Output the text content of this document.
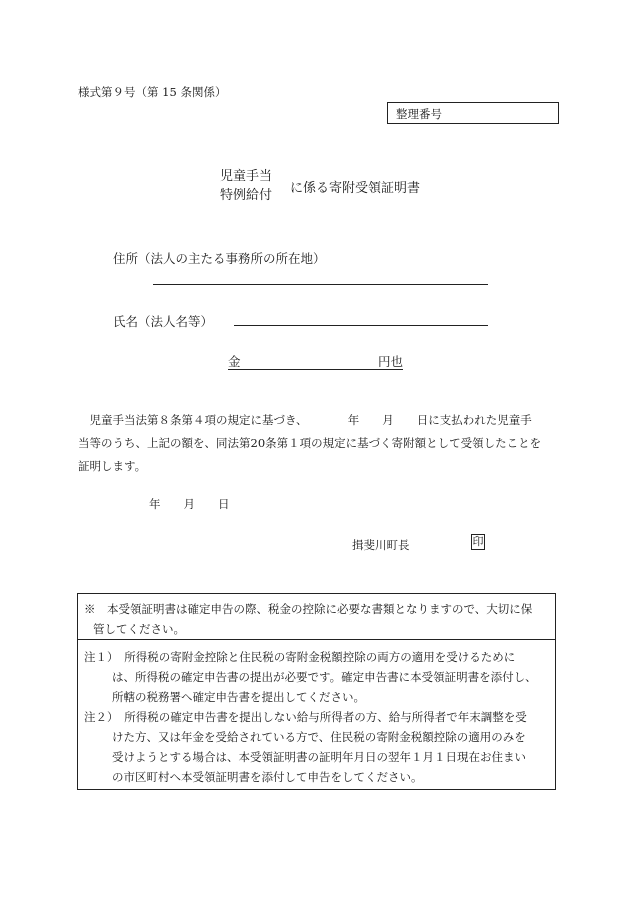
様式第９号（第 15 条関係）
整理番号
児童手当
特例給付 に係る寄附受領証明書
住所（法人の主たる事務所の所在地）
氏名（法人名等）
金	円也
　児童手当法第８条第４項の規定に基づき、　　　　年　　月　　日に支払われた児童手
当等のうち、上記の額を、同法第20条第１項の規定に基づく寄附額として受領したことを
証明します。
年　　月　　日
揖斐川町長	印
※　本受領証明書は確定申告の際、税金の控除に必要な書類となりますので、大切に保
管してください。
注１）　所得税の寄附金控除と住民税の寄附金税額控除の両方の適用を受けるために
は、所得税の確定申告書の提出が必要です。確定申告書に本受領証明書を添付し、
所轄の税務署へ確定申告書を提出してください。
注２）　所得税の確定申告書を提出しない給与所得者の方、給与所得者で年末調整を受
けた方、又は年金を受給されている方で、住民税の寄附金税額控除の適用のみを
受けようとする場合は、本受領証明書の証明年月日の翌年１月１日現在お住まい
の市区町村へ本受領証明書を添付して申告をしてください。
